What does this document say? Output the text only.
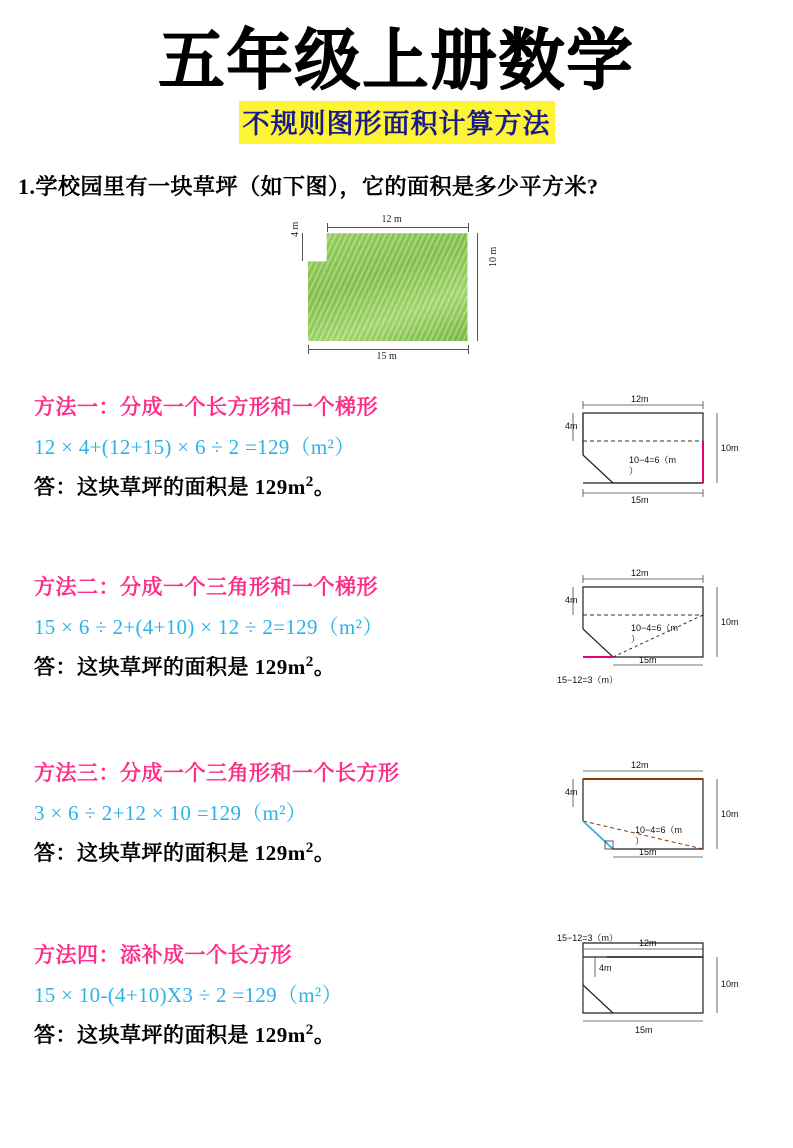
五年级上册数学
不规则图形面积计算方法
1.学校园里有一块草坪（如下图），它的面积是多少平方米?
12 m
4 m
10 m
15 m
方法一：分成一个长方形和一个梯形
12 × 4+(12+15) × 6 ÷ 2 =129（m²）
答：这块草坪的面积是 $129m^2$。
12m
4m
10m
15m
10−4=6（m
）
方法二：分成一个三角形和一个梯形
15 × 6 ÷ 2+(4+10) × 12 ÷ 2=129（m²）
答：这块草坪的面积是 $129m^2$。
12m
4m
10m
15m
10−4=6（m
）
15−12=3（m）
方法三：分成一个三角形和一个长方形
3 × 6 ÷ 2+12 × 10 =129（m²）
答：这块草坪的面积是 $129m^2$。
12m
4m
10m
15m
10−4=6（m
）
方法四：添补成一个长方形
15 × 10-(4+10)X3 ÷ 2 =129（m²）
答：这块草坪的面积是 $129m^2$。
15−12=3（m） 12m
4m
10m
15m
